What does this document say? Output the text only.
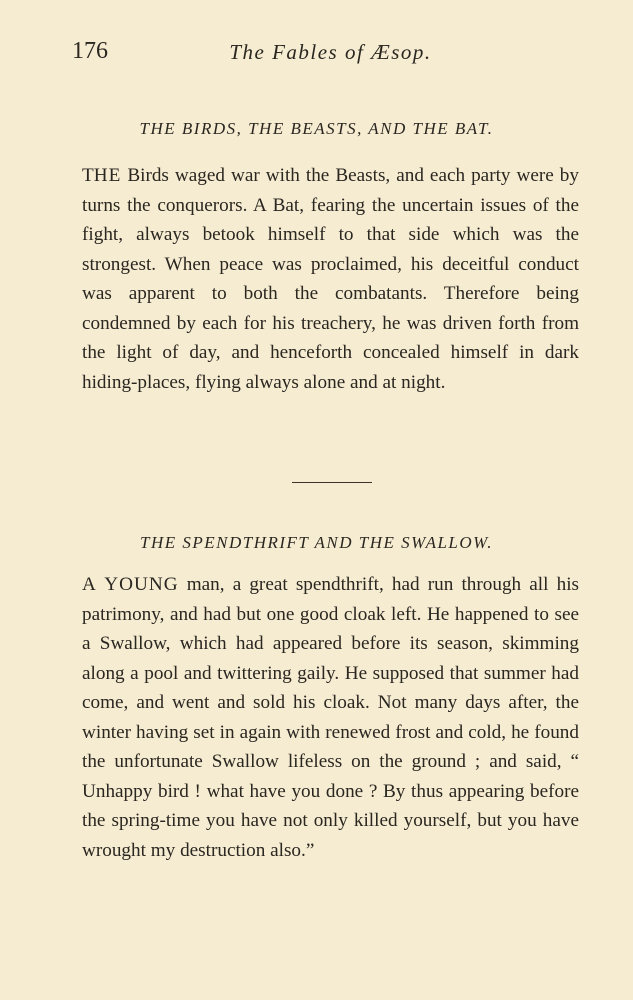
176	The Fables of Æsop.
THE BIRDS, THE BEASTS, AND THE BAT.

THE Birds waged war with the Beasts, and each party were by turns the conquerors. A Bat, fearing the uncertain issues of the fight, always betook himself to that side which was the strongest. When peace was proclaimed, his deceitful conduct was apparent to both the combatants. Therefore being condemned by each for his treachery, he was driven forth from the light of day, and henceforth concealed himself in dark hiding-places, flying always alone and at night.

THE SPENDTHRIFT AND THE SWALLOW.

A YOUNG man, a great spendthrift, had run through all his patrimony, and had but one good cloak left. He happened to see a Swallow, which had appeared before its season, skimming along a pool and twittering gaily. He supposed that summer had come, and went and sold his cloak. Not many days after, the winter having set in again with renewed frost and cold, he found the unfortunate Swallow lifeless on the ground ; and said, “ Unhappy bird ! what have you done ? By thus appearing before the spring-time you have not only killed yourself, but you have wrought my destruction also.”
